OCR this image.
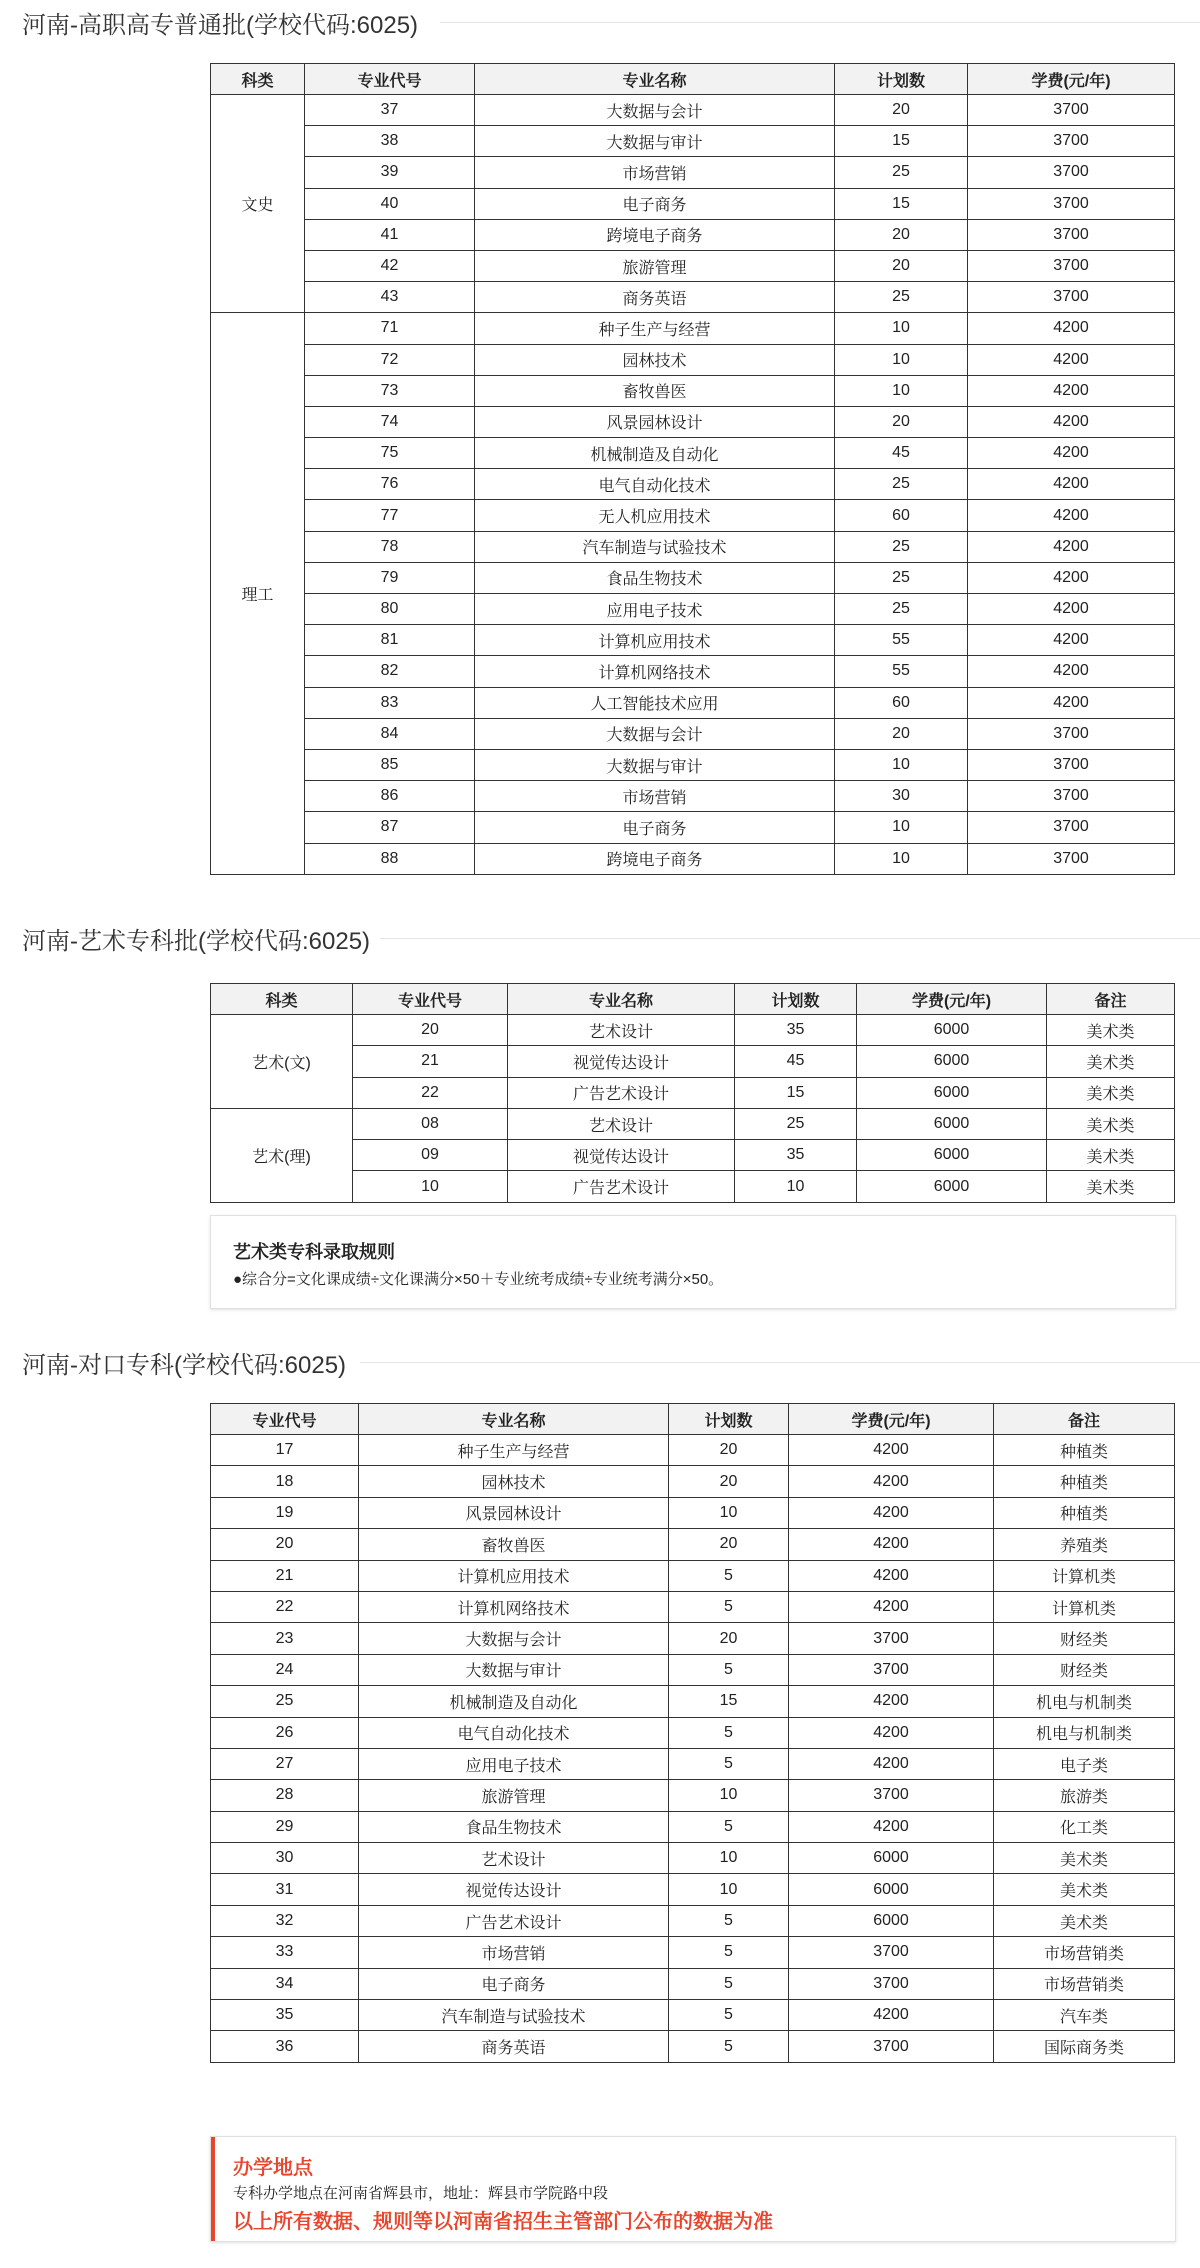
河南-高职高专普通批(学校代码:6025)
科类	专业代号	专业名称	计划数	学费(元/年)
文史	37	大数据与会计	20	3700
	38	大数据与审计	15	3700
	39	市场营销	25	3700
	40	电子商务	15	3700
	41	跨境电子商务	20	3700
	42	旅游管理	20	3700
	43	商务英语	25	3700
理工	71	种子生产与经营	10	4200
	72	园林技术	10	4200
	73	畜牧兽医	10	4200
	74	风景园林设计	20	4200
	75	机械制造及自动化	45	4200
	76	电气自动化技术	25	4200
	77	无人机应用技术	60	4200
	78	汽车制造与试验技术	25	4200
	79	食品生物技术	25	4200
	80	应用电子技术	25	4200
	81	计算机应用技术	55	4200
	82	计算机网络技术	55	4200
	83	人工智能技术应用	60	4200
	84	大数据与会计	20	3700
	85	大数据与审计	10	3700
	86	市场营销	30	3700
	87	电子商务	10	3700
	88	跨境电子商务	10	3700
河南-艺术专科批(学校代码:6025)
科类	专业代号	专业名称	计划数	学费(元/年)	备注
艺术(文)	20	艺术设计	35	6000	美术类
	21	视觉传达设计	45	6000	美术类
	22	广告艺术设计	15	6000	美术类
艺术(理)	08	艺术设计	25	6000	美术类
	09	视觉传达设计	35	6000	美术类
	10	广告艺术设计	10	6000	美术类
艺术类专科录取规则
●综合分=文化课成绩÷文化课满分×50＋专业统考成绩÷专业统考满分×50。
河南-对口专科(学校代码:6025)
专业代号	专业名称	计划数	学费(元/年)	备注
17	种子生产与经营	20	4200	种植类
18	园林技术	20	4200	种植类
19	风景园林设计	10	4200	种植类
20	畜牧兽医	20	4200	养殖类
21	计算机应用技术	5	4200	计算机类
22	计算机网络技术	5	4200	计算机类
23	大数据与会计	20	3700	财经类
24	大数据与审计	5	3700	财经类
25	机械制造及自动化	15	4200	机电与机制类
26	电气自动化技术	5	4200	机电与机制类
27	应用电子技术	5	4200	电子类
28	旅游管理	10	3700	旅游类
29	食品生物技术	5	4200	化工类
30	艺术设计	10	6000	美术类
31	视觉传达设计	10	6000	美术类
32	广告艺术设计	5	6000	美术类
33	市场营销	5	3700	市场营销类
34	电子商务	5	3700	市场营销类
35	汽车制造与试验技术	5	4200	汽车类
36	商务英语	5	3700	国际商务类
办学地点
专科办学地点在河南省辉县市，地址：辉县市学院路中段
以上所有数据、规则等以河南省招生主管部门公布的数据为准
